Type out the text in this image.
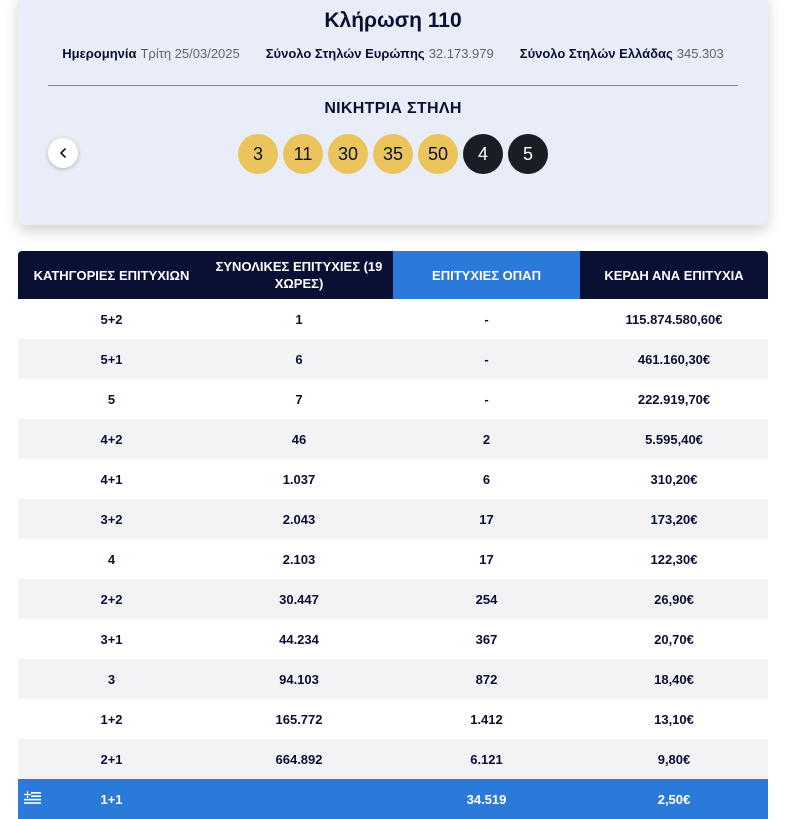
Κλήρωση 110
Ημερομηνία Τρίτη 25/03/2025 Σύνολο Στηλών Ευρώπης 32.173.979 Σύνολο Στηλών Ελλάδας 345.303
ΝΙΚΗΤΡΙΑ ΣΤΗΛΗ
3	11	30	35	50	4	5
ΚΑΤΗΓΟΡΙΕΣ ΕΠΙΤΥΧΙΩΝ	ΣΥΝΟΛΙΚΕΣ ΕΠΙΤΥΧΙΕΣ (19 ΧΩΡΕΣ)	ΕΠΙΤΥΧΙΕΣ ΟΠΑΠ	ΚΕΡΔΗ ΑΝΑ ΕΠΙΤΥΧΙΑ
5+2	1	-	115.874.580,60€
5+1	6	-	461.160,30€
5	7	-	222.919,70€
4+2	46	2	5.595,40€
4+1	1.037	6	310,20€
3+2	2.043	17	173,20€
4	2.103	17	122,30€
2+2	30.447	254	26,90€
3+1	44.234	367	20,70€
3	94.103	872	18,40€
1+2	165.772	1.412	13,10€
2+1	664.892	6.121	9,80€

1+1		34.519	2,50€
